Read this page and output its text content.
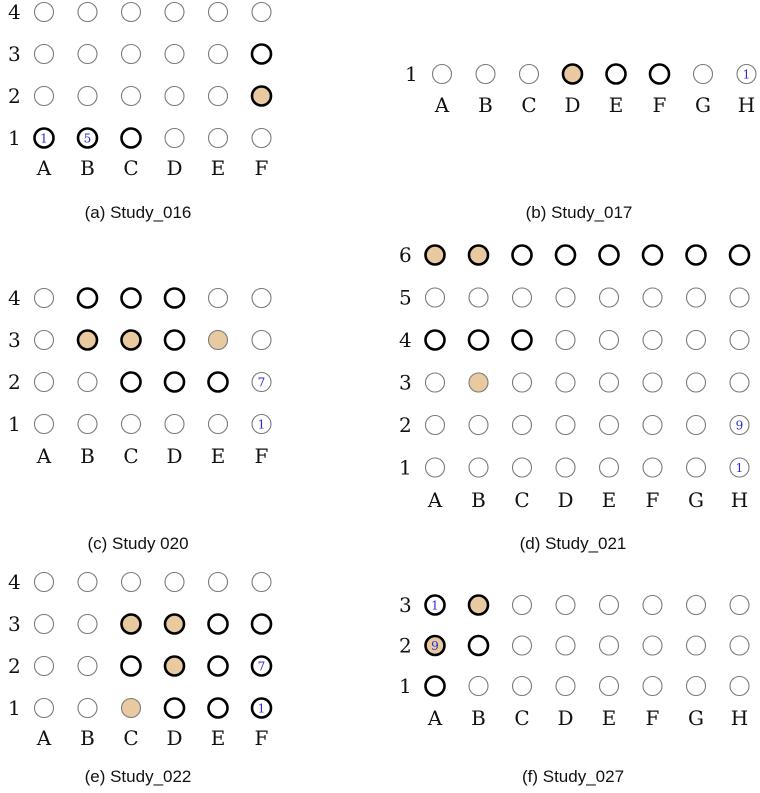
4
3
2
1
A B C D E F
1	5
(a) Study_016
1
A B C D E F G H
1
(b) Study_017
4
3
2
1
A B C D E F
7
1
(c) Study 020
6
5
4
3
2
1
A B C D E F G H
9
1
(d) Study_021
4
3
2
1
A B C D E F
7
1
(e) Study_022
3
2
1
A B C D E F G H
1
9
(f) Study_027
